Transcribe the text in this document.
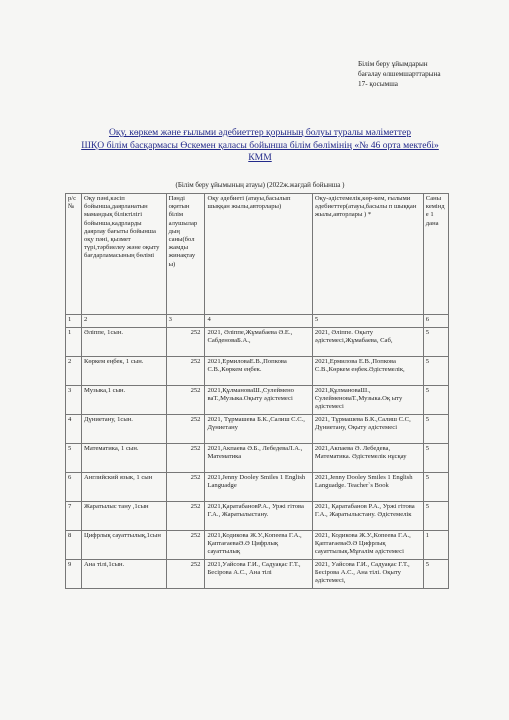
Білім беру ұйымдарын
бағалау өлшемшарттарына
17- қосымша
Оқу, көркем және ғылыми әдебиеттер қорының болуы туралы мәліметтер
ШҚО білім басқармасы Өскемен қаласы бойынша білім бөлімінің «№ 46 орта мектебі»
КММ
(Білім беру ұйымының атауы) (2022ж.жағдай бойынша )
р/с №	Оқу пәні,кәсіп бойынша,даярланатын мамандық біліктілігі бойынша,кадрларды даярлау бағыты бойынша оқу пәні, қызмет түрі,тәрбиелеу және оқыту бағдарламасының бөлімі	Пәнді оқитын білім алушылар дың саны(бол жамды жинақтау ы)	Оқу әдебиеті (атауы,басылып шыққан жылы,авторлары)	Оқу-әдістемелік,көр-кем, ғылыми әдебиеттер(атауы,басылы п шыққан жылы,авторлары ) *	Саны кемінде 1 дана
1	2	3	4	5	6
1	Әліппе, 1сын.	252	2021, Әліппе,Жұмабаева Ә.Е., СабденоваБ.А.,	2021, Әліппе. Оқыту әдістемесі,Жұмабаева, Саб,	5
2	Көркем еңбек, 1 сын.	252	2021,ЕрмиловаЕ.В.,Попкова С.В.,Көркем еңбек.	2021,Ермилова Е.В.,Попкова С.В.,Көркем еңбек.Әдістемелік,	5
3	Музыка,1 сын.	252	2021,ҚұлмановаШ.,Сулеймено ваТ.,Музыка.Оқыту әдістемесі	2021,ҚұлмановаШ., СулеймeноваТ.,Музыка.Оқ ыту әдістемесі	5
4	Дүниетану, 1сын.	252	2021, Тұрмашева Б.К.,Салиш С.С., Дүниетану	2021, Тұрмашева Б.К.,Салиш С.С, Дүниетану, Оқыту әдістемесі	5
5	Математика, 1 сын.	252	2021,Акпаева Ә.Б., ЛебедеваЛ.А., Математика	2021,Акпаева Ә. Лебедева, Математика. Әдістемелік нұсқау	5
6	Английский язык, 1 сын	252	2021,Jenny Dooley Smiles 1 English Languadge	2021,Jenny Dooley Smiles 1 English Languadge. Teacher`s Book	5
7	Жаратылыс тану ,1сын	252	2021,ҚаратабановР.А., Уржі гітова Г.А., Жаратылыстану.	2021, Қаратабанов Р.А., Уржі гітова Г.А., Жаратылыстану. Әдістемелік	5
8	Цифрлық сауаттылық,1сын	252	2021,Кодикова Ж.У.,Копеева Г.А., ҚаптағаеваӘ.Ә Цифрлық сауаттылық	2021, Кодикова Ж.У.,Копеева Г.А., ҚаптағаеваӘ.Ә Цифрлық сауаттылық.Мұғалім әдістемесі	1
9	Ана тілі,1сын.	252	2021,Уайсова Г.И., Садуақас Г.Т., Бесірова А.С., Ана тілі	2021, Уайсова Г.И., Садуақас Г.Т., Бесірова А.С., Ана тілі. Оқыту әдістемесі,	5
